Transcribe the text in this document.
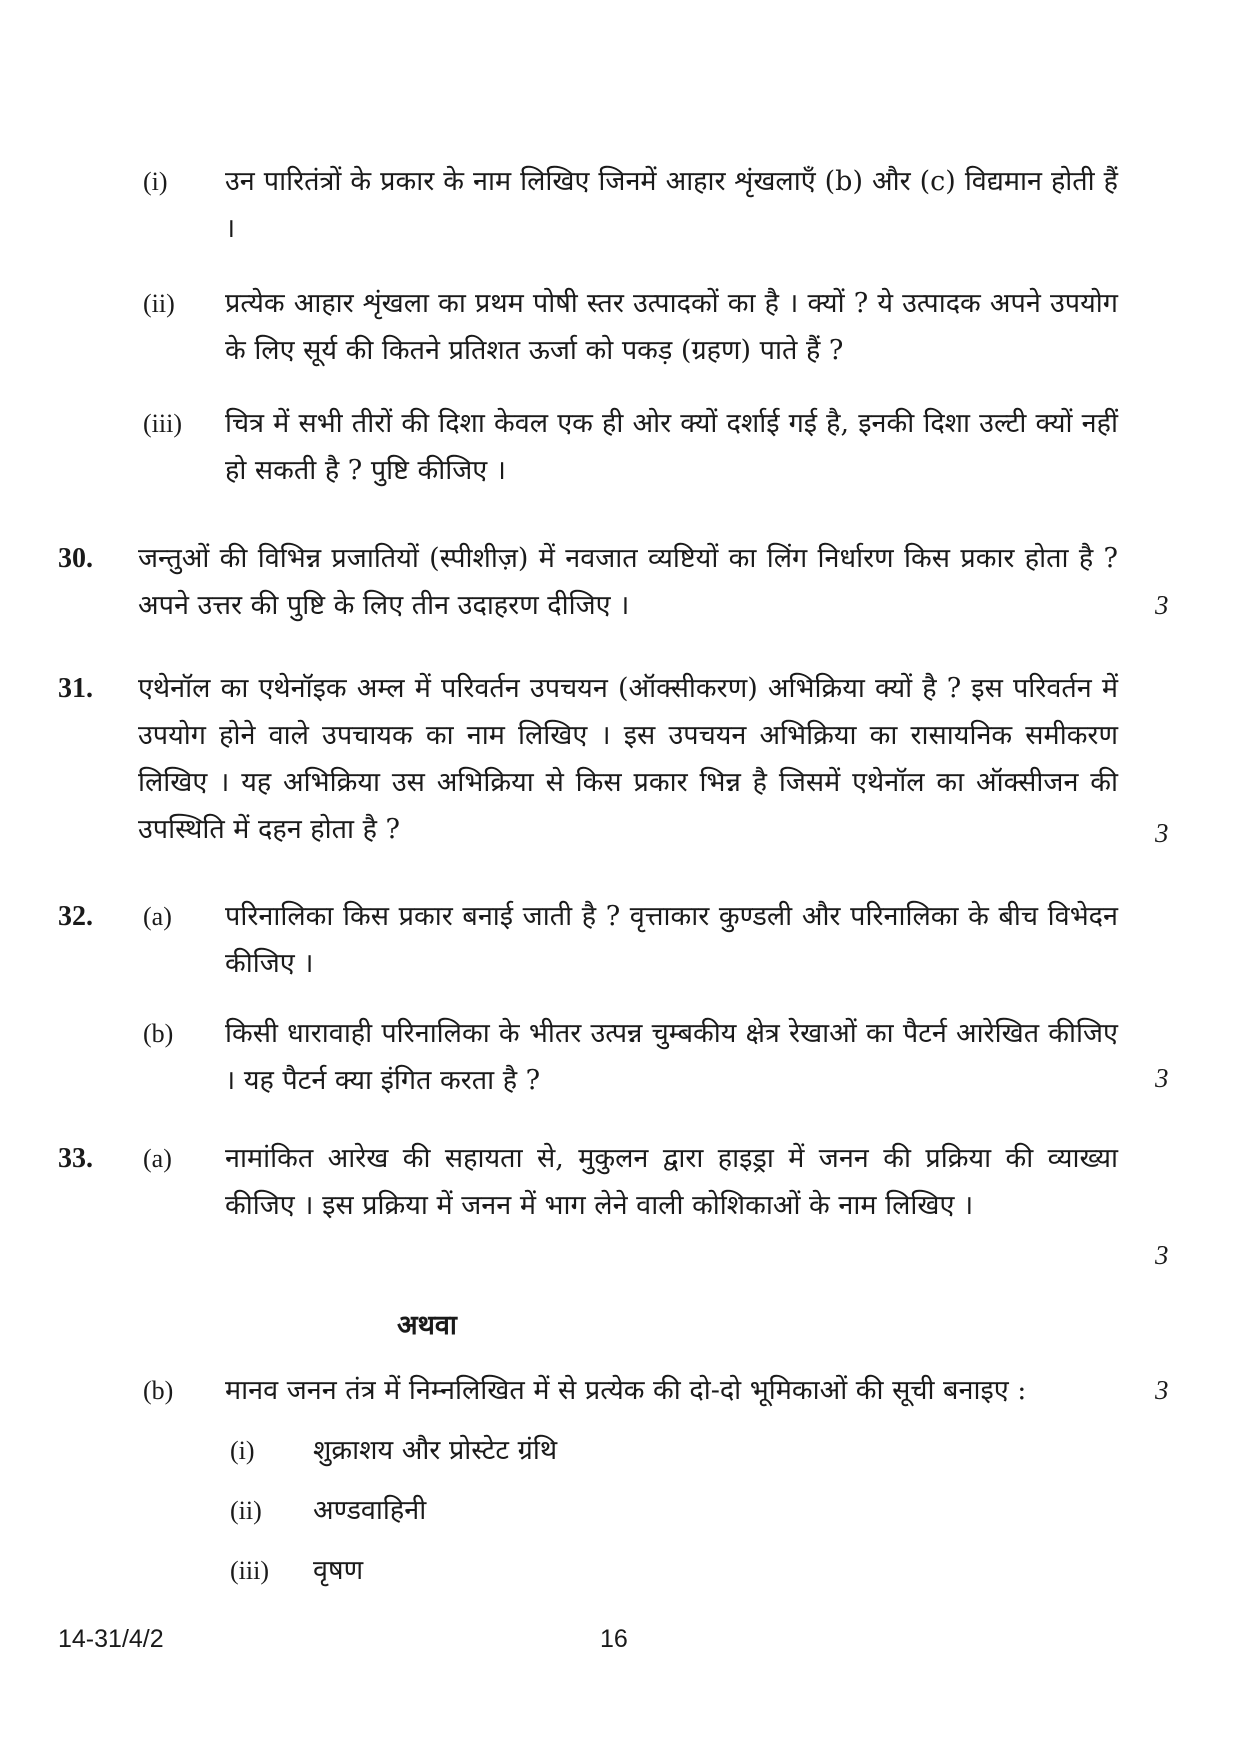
(i) उन पारितंत्रों के प्रकार के नाम लिखिए जिनमें आहार शृंखलाएँ (b) और (c) विद्यमान होती हैं ।
(ii) प्रत्येक आहार शृंखला का प्रथम पोषी स्तर उत्पादकों का है । क्यों ? ये उत्पादक अपने उपयोग के लिए सूर्य की कितने प्रतिशत ऊर्जा को पकड़ (ग्रहण) पाते हैं ?
(iii) चित्र में सभी तीरों की दिशा केवल एक ही ओर क्यों दर्शाई गई है, इनकी दिशा उल्टी क्यों नहीं हो सकती है ? पुष्टि कीजिए ।
30. जन्तुओं की विभिन्न प्रजातियों (स्पीशीज़) में नवजात व्यष्टियों का लिंग निर्धारण किस प्रकार होता है ? अपने उत्तर की पुष्टि के लिए तीन उदाहरण दीजिए ।	3
31. एथेनॉल का एथेनॉइक अम्ल में परिवर्तन उपचयन (ऑक्सीकरण) अभिक्रिया क्यों है ? इस परिवर्तन में उपयोग होने वाले उपचायक का नाम लिखिए । इस उपचयन अभिक्रिया का रासायनिक समीकरण लिखिए । यह अभिक्रिया उस अभिक्रिया से किस प्रकार भिन्न है जिसमें एथेनॉल का ऑक्सीजन की उपस्थिति में दहन होता है ?	3
32. (a) परिनालिका किस प्रकार बनाई जाती है ? वृत्ताकार कुण्डली और परिनालिका के बीच विभेदन कीजिए ।
(b) किसी धारावाही परिनालिका के भीतर उत्पन्न चुम्बकीय क्षेत्र रेखाओं का पैटर्न आरेखित कीजिए । यह पैटर्न क्या इंगित करता है ?	3
33. (a) नामांकित आरेख की सहायता से, मुकुलन द्वारा हाइड्रा में जनन की प्रक्रिया की व्याख्या कीजिए । इस प्रक्रिया में जनन में भाग लेने वाली कोशिकाओं के नाम लिखिए ।
3
अथवा
(b) मानव जनन तंत्र में निम्नलिखित में से प्रत्येक की दो-दो भूमिकाओं की सूची बनाइए :	3
(i) शुक्राशय और प्रोस्टेट ग्रंथि
(ii) अण्डवाहिनी
(iii) वृषण
14-31/4/2	16
